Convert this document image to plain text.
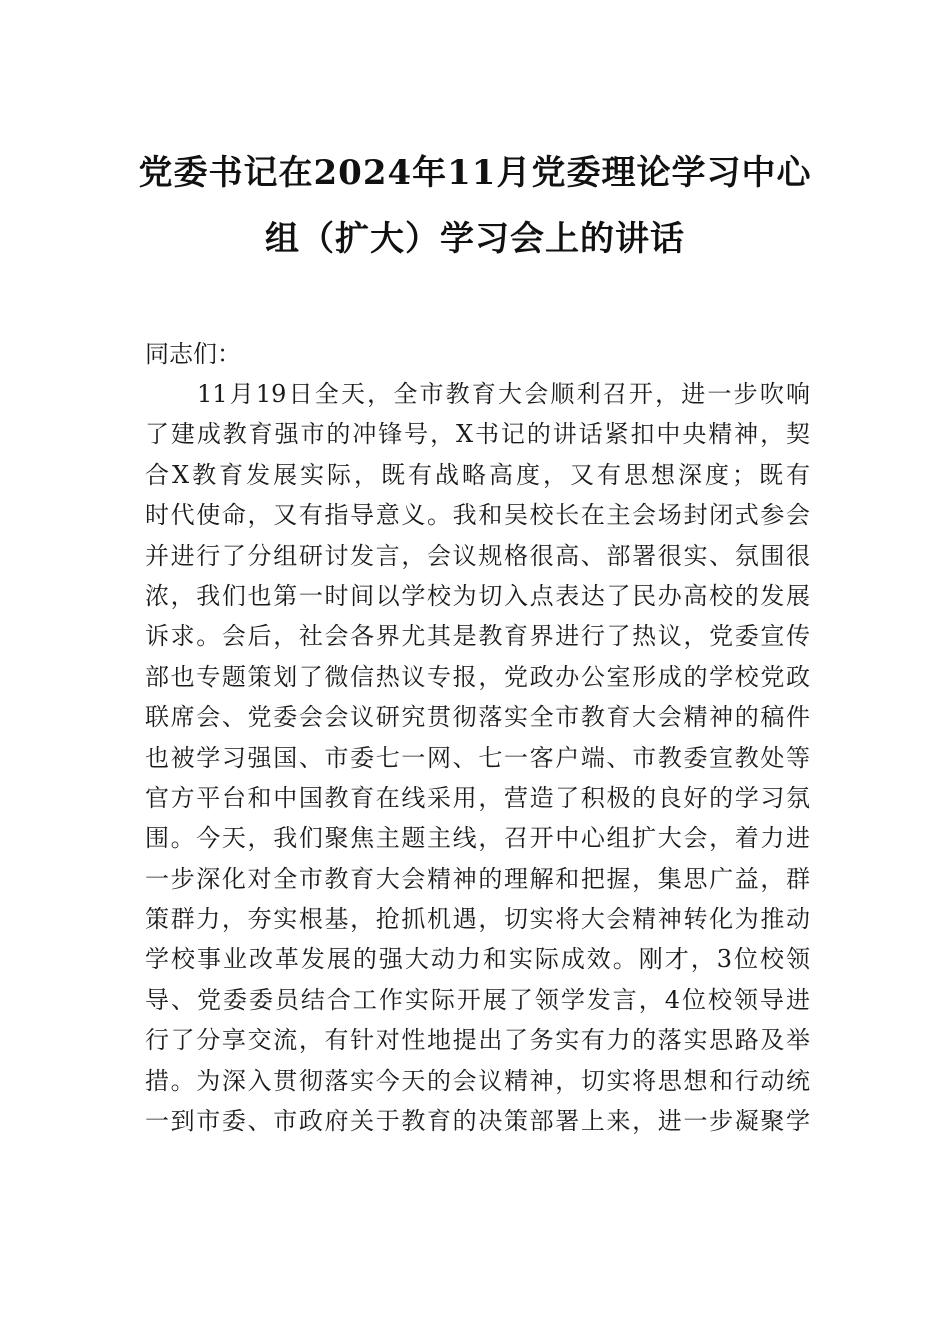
党委书记在2024年11月党委理论学习中心
组（扩大）学习会上的讲话

同志们：

11月19日全天，全市教育大会顺利召开，进一步吹响
了建成教育强市的冲锋号，X书记的讲话紧扣中央精神，契
合X教育发展实际，既有战略高度，又有思想深度；既有
时代使命，又有指导意义。我和吴校长在主会场封闭式参会
并进行了分组研讨发言，会议规格很高、部署很实、氛围很
浓，我们也第一时间以学校为切入点表达了民办高校的发展
诉求。会后，社会各界尤其是教育界进行了热议，党委宣传
部也专题策划了微信热议专报，党政办公室形成的学校党政
联席会、党委会会议研究贯彻落实全市教育大会精神的稿件
也被学习强国、市委七一网、七一客户端、市教委宣教处等
官方平台和中国教育在线采用，营造了积极的良好的学习氛
围。今天，我们聚焦主题主线，召开中心组扩大会，着力进
一步深化对全市教育大会精神的理解和把握，集思广益，群
策群力，夯实根基，抢抓机遇，切实将大会精神转化为推动
学校事业改革发展的强大动力和实际成效。刚才，3位校领
导、党委委员结合工作实际开展了领学发言，4位校领导进
行了分享交流，有针对性地提出了务实有力的落实思路及举
措。为深入贯彻落实今天的会议精神，切实将思想和行动统
一到市委、市政府关于教育的决策部署上来，进一步凝聚学
